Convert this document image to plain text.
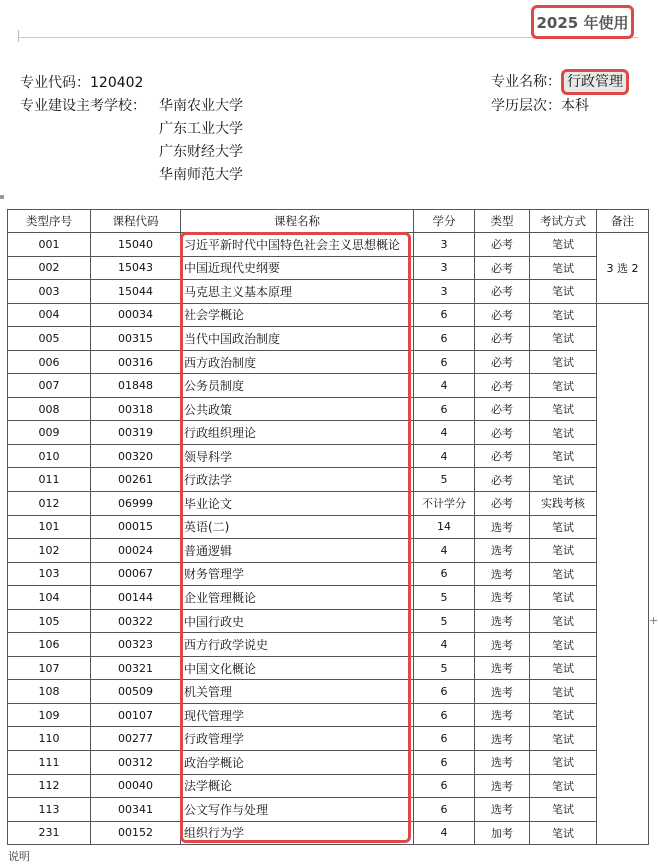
2025 年使用
专业代码：120402
专业建设主考学校： 华南农业大学
广东工业大学
广东财经大学
华南师范大学
专业名称： 行政管理
学历层次：本科
类型序号	课程代码	课程名称	学分	类型	考试方式	备注
001	15040	习近平新时代中国特色社会主义思想概论	3	必考	笔试	3 选 2
002	15043	中国近现代史纲要	3	必考	笔试	
003	15044	马克思主义基本原理	3	必考	笔试	
004	00034	社会学概论	6	必考	笔试	
005	00315	当代中国政治制度	6	必考	笔试	
006	00316	西方政治制度	6	必考	笔试	
007	01848	公务员制度	4	必考	笔试	
008	00318	公共政策	6	必考	笔试	
009	00319	行政组织理论	4	必考	笔试	
010	00320	领导科学	4	必考	笔试	
011	00261	行政法学	5	必考	笔试	
012	06999	毕业论文	不计学分	必考	实践考核	
101	00015	英语(二)	14	选考	笔试	
102	00024	普通逻辑	4	选考	笔试	
103	00067	财务管理学	6	选考	笔试	
104	00144	企业管理概论	5	选考	笔试	
105	00322	中国行政史	5	选考	笔试	
106	00323	西方行政学说史	4	选考	笔试	
107	00321	中国文化概论	5	选考	笔试	
108	00509	机关管理	6	选考	笔试	
109	00107	现代管理学	6	选考	笔试	
110	00277	行政管理学	6	选考	笔试	
111	00312	政治学概论	6	选考	笔试	
112	00040	法学概论	6	选考	笔试	
113	00341	公文写作与处理	6	选考	笔试	
231	00152	组织行为学	4	加考	笔试	
+
说明
